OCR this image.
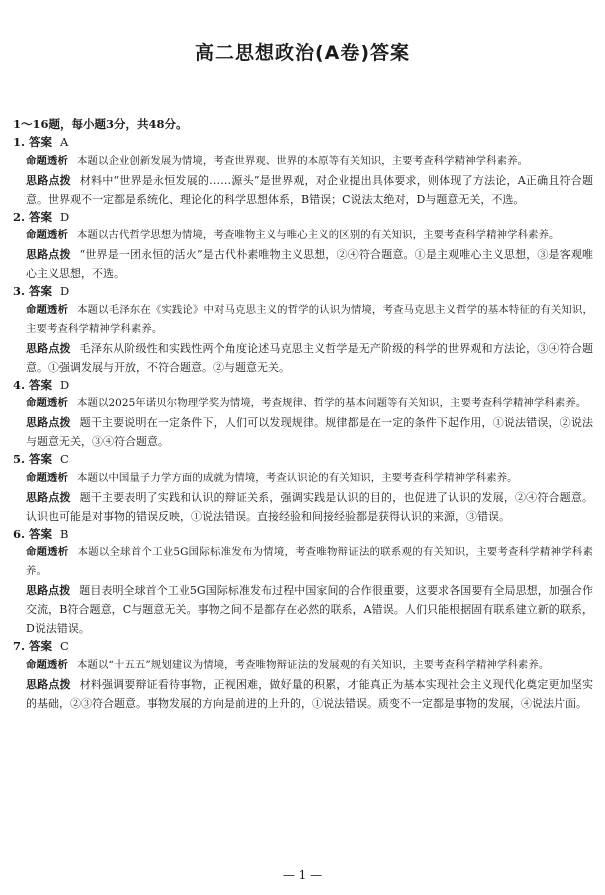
高二思想政治(A卷)答案
1～16题，每小题3分，共48分。
1. 答案 A
命题透析 本题以企业创新发展为情境，考查世界观、世界的本原等有关知识，主要考查科学精神学科素养。
思路点拨 材料中“世界是永恒发展的……源头”是世界观，对企业提出具体要求，则体现了方法论，A正确且符合题意。世界观不一定都是系统化、理论化的科学思想体系，B错误；C说法太绝对，D与题意无关，不选。
2. 答案 D
命题透析 本题以古代哲学思想为情境，考查唯物主义与唯心主义的区别的有关知识，主要考查科学精神学科素养。
思路点拨 “世界是一团永恒的活火”是古代朴素唯物主义思想，②④符合题意。①是主观唯心主义思想，③是客观唯心主义思想，不选。
3. 答案 D
命题透析 本题以毛泽东在《实践论》中对马克思主义的哲学的认识为情境，考查马克思主义哲学的基本特征的有关知识，主要考查科学精神学科素养。
思路点拨 毛泽东从阶级性和实践性两个角度论述马克思主义哲学是无产阶级的科学的世界观和方法论，③④符合题意。①强调发展与开放，不符合题意。②与题意无关。
4. 答案 D
命题透析 本题以2025年诺贝尔物理学奖为情境，考查规律、哲学的基本问题等有关知识，主要考查科学精神学科素养。
思路点拨 题干主要说明在一定条件下，人们可以发现规律。规律都是在一定的条件下起作用，①说法错误，②说法与题意无关，③④符合题意。
5. 答案 C
命题透析 本题以中国量子力学方面的成就为情境，考查认识论的有关知识，主要考查科学精神学科素养。
思路点拨 题干主要表明了实践和认识的辩证关系，强调实践是认识的目的，也促进了认识的发展，②④符合题意。认识也可能是对事物的错误反映，①说法错误。直接经验和间接经验都是获得认识的来源，③错误。
6. 答案 B
命题透析 本题以全球首个工业5G国际标准发布为情境，考查唯物辩证法的联系观的有关知识，主要考查科学精神学科素养。
思路点拨 题目表明全球首个工业5G国际标准发布过程中国家间的合作很重要，这要求各国要有全局思想，加强合作交流，B符合题意，C与题意无关。事物之间不是都存在必然的联系，A错误。人们只能根据固有联系建立新的联系，D说法错误。
7. 答案 C
命题透析 本题以“十五五”规划建议为情境，考查唯物辩证法的发展观的有关知识，主要考查科学精神学科素养。
思路点拨 材料强调要辩证看待事物，正视困难，做好量的积累，才能真正为基本实现社会主义现代化奠定更加坚实的基础，②③符合题意。事物发展的方向是前进的上升的，①说法错误。质变不一定都是事物的发展，④说法片面。
— 1 —
